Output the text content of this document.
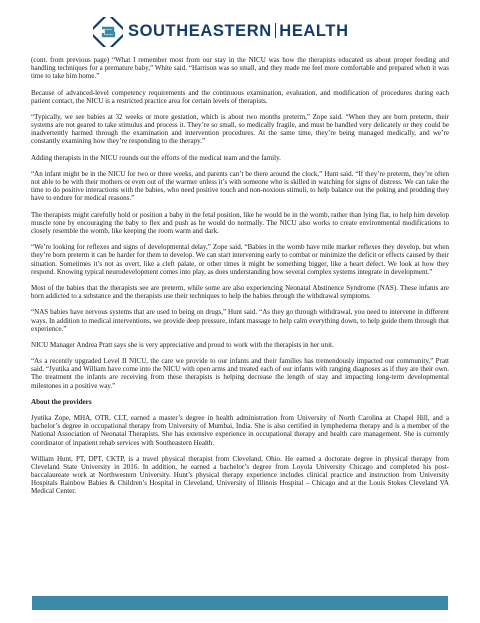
SOUTHEASTERN HEALTH

(cont. from previous page) “What I remember most from our stay in the NICU was how the therapists educated us about proper feeding and handling techniques for a premature baby,” White said. “Harrison was so small, and they made me feel more comfortable and prepared when it was time to take him home.”

Because of advanced-level competency requirements and the continuous examination, evaluation, and modification of procedures during each patient contact, the NICU is a restricted practice area for certain levels of therapists.

“Typically, we see babies at 32 weeks or more gestation, which is about two months preterm,” Zope said. “When they are born preterm, their systems are not geared to take stimulus and process it. They’re so small, so medically fragile, and must be handled very delicately or they could be inadvertently harmed through the examination and intervention procedures. At the same time, they’re being managed medically, and we’re constantly examining how they’re responding to the therapy.”

Adding therapists in the NICU rounds out the efforts of the medical team and the family.

“An infant might be in the NICU for two or three weeks, and parents can’t be there around the clock,” Hunt said. “If they’re preterm, they’re often not able to be with their mothers or even out of the warmer unless it’s with someone who is skilled in watching for signs of distress. We can take the time to do positive interactions with the babies, who need positive touch and non-noxious stimuli, to help balance out the poking and prodding they have to endure for medical reasons.”

The therapists might carefully hold or position a baby in the fetal position, like he would be in the womb, rather than lying flat, to help him develop muscle tone by encouraging the baby to flex and push as he would do normally. The NICU also works to create environmental modifications to closely resemble the womb, like keeping the room warm and dark.

“We’re looking for reflexes and signs of developmental delay,” Zope said. “Babies in the womb have mile marker reflexes they develop, but when they’re born preterm it can be harder for them to develop. We can start intervening early to combat or minimize the deficit or effects caused by their situation. Sometimes it’s not as overt, like a cleft palate, or other times it might be something bigger, like a heart defect. We look at how they respond. Knowing typical neurodevelopment comes into play, as does understanding how several complex systems integrate in development.”

Most of the babies that the therapists see are preterm, while some are also experiencing Neonatal Abstinence Syndrome (NAS). These infants are born addicted to a substance and the therapists use their techniques to help the babies through the withdrawal symptoms.

“NAS babies have nervous systems that are used to being on drugs,” Hunt said. “As they go through withdrawal, you need to intervene in different ways. In addition to medical interventions, we provide deep pressure, infant massage to help calm everything down, to help guide them through that experience.”

NICU Manager Andrea Pratt says she is very appreciative and proud to work with the therapists in her unit.

“As a recently upgraded Level II NICU, the care we provide to our infants and their families has tremendously impacted our community,” Pratt said. “Jyutika and William have come into the NICU with open arms and treated each of our infants with ranging diagnoses as if they are their own. The treatment the infants are receiving from these therapists is helping decrease the length of stay and impacting long-term developmental milestones in a positive way.”

About the providers

Jyutika Zope, MHA, OTR, CLT, earned a master’s degree in health administration from University of North Carolina at Chapel Hill, and a bachelor’s degree in occupational therapy from University of Mumbai, India. She is also certified in lymphedema therapy and is a member of the National Association of Neonatal Therapists. She has extensive experience in occupational therapy and health care management. She is currently coordinator of inpatient rehab services with Southeastern Health.

William Hunt, PT, DPT, CKTP, is a travel physical therapist from Cleveland, Ohio. He earned a doctorate degree in physical therapy from Cleveland State University in 2016. In addition, he earned a bachelor’s degree from Loyola University Chicago and completed his post-baccalaureate work at Northwestern University. Hunt’s physical therapy experience includes clinical practice and instruction from University Hospitals Rainbow Babies & Children’s Hospital in Cleveland, University of Illinois Hospital – Chicago and at the Louis Stokes Cleveland VA Medical Center.
